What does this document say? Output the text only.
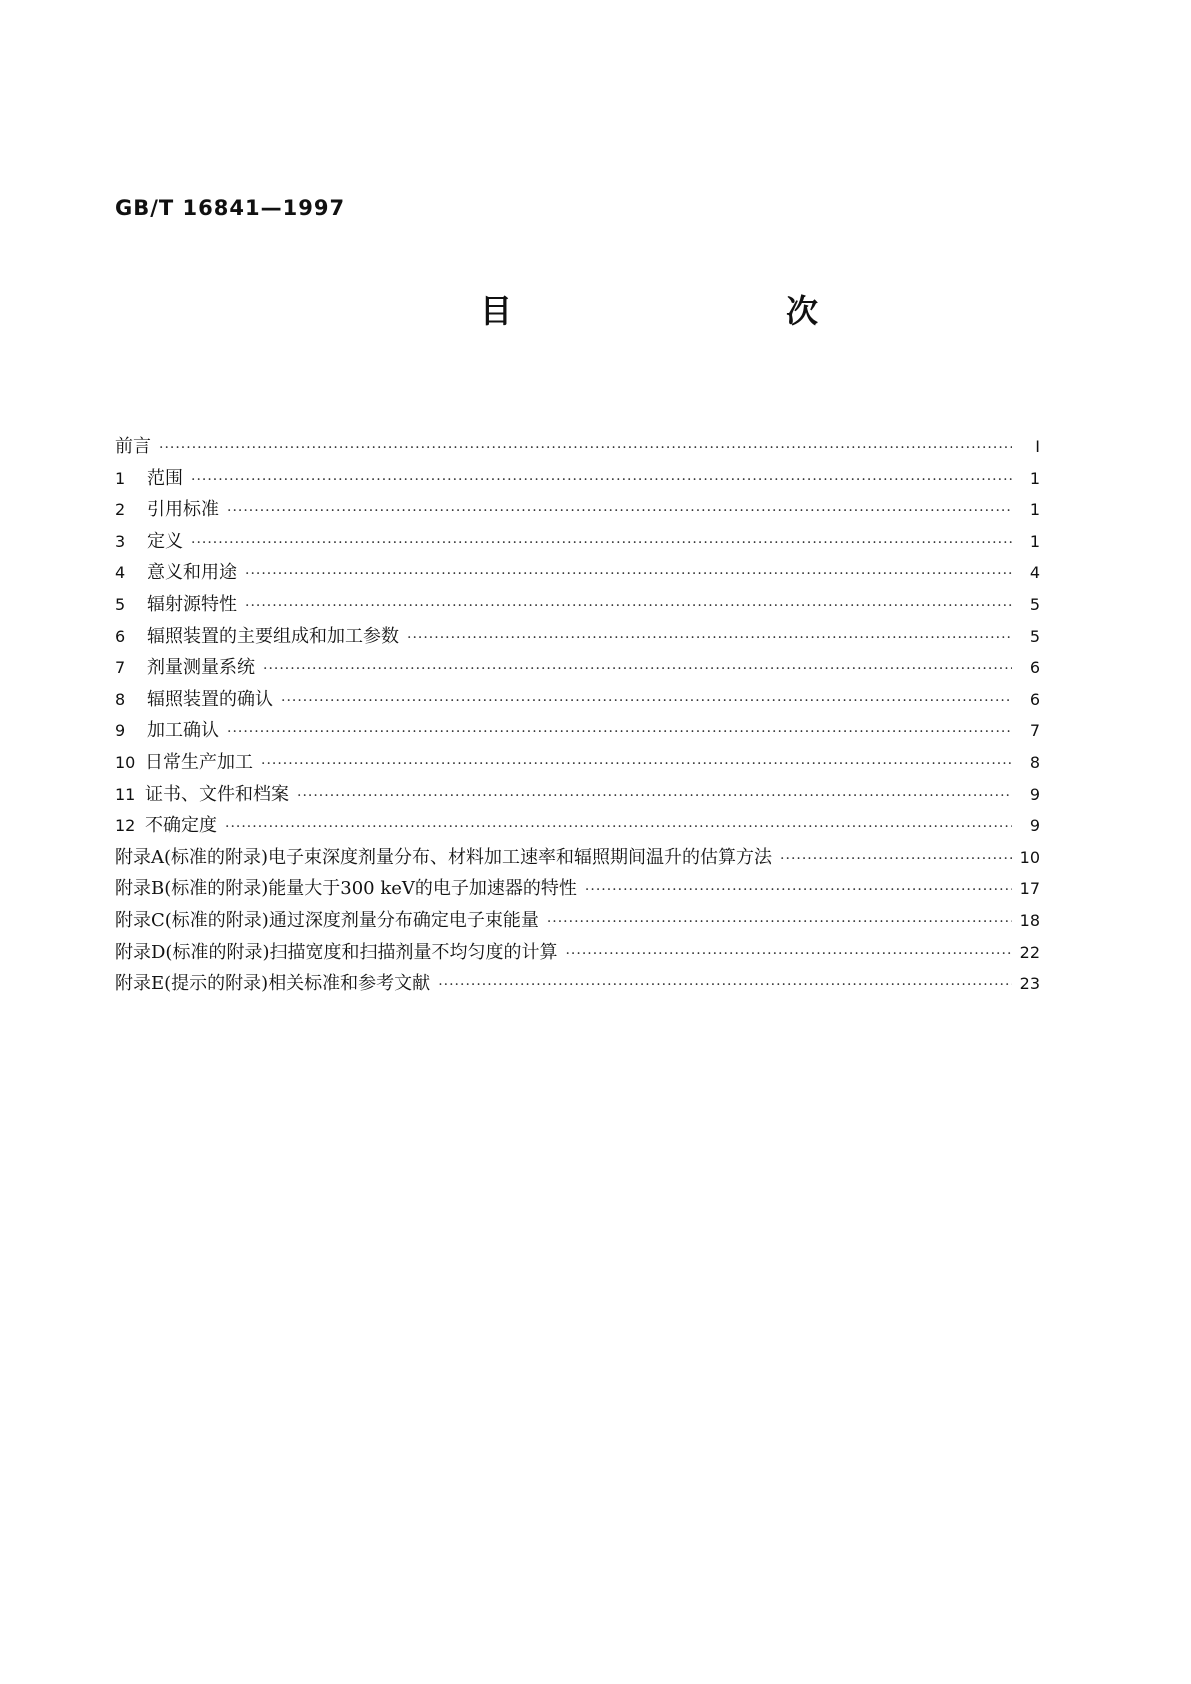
GB/T 16841—1997
目　　次
前言 ·····	I
1	范围 ·····	1
2	引用标准 ·····	1
3	定义 ·····	1
4	意义和用途 ·····	4
5	辐射源特性 ·····	5
6	辐照装置的主要组成和加工参数 ·····	5
7	剂量测量系统 ·····	6
8	辐照装置的确认 ·····	6
9	加工确认 ·····	7
10 日常生产加工 ·····	8
11 证书、文件和档案 ·····	9
12 不确定度 ·····	9
附录A(标准的附录) 电子束深度剂量分布、材料加工速率和辐照期间温升的估算方法 ·····	10
附录B(标准的附录) 能量大于300 keV的电子加速器的特性 ·····	17
附录C(标准的附录) 通过深度剂量分布确定电子束能量 ·····	18
附录D(标准的附录) 扫描宽度和扫描剂量不均匀度的计算 ·····	22
附录E(提示的附录) 相关标准和参考文献 ·····	23
